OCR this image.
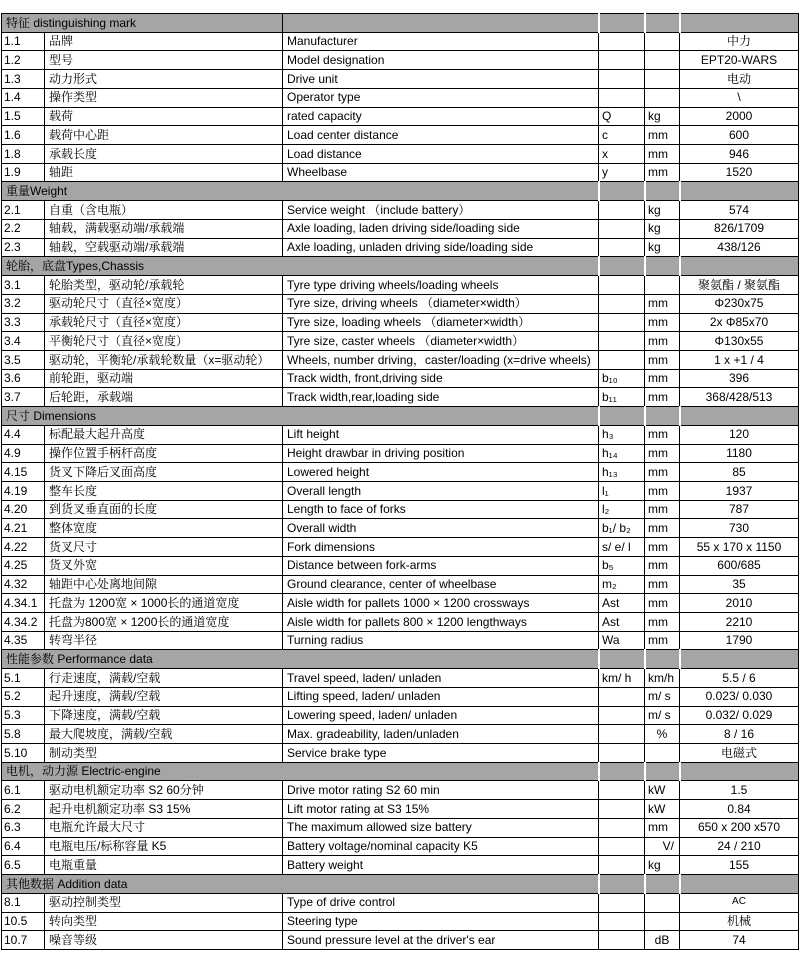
特征 distinguishing mark					
1.1	品牌	Manufacturer			中力
1.2	型号	Model designation			EPT20-WARS
1.3	动力形式	Drive unit			电动
1.4	操作类型	Operator type			\
1.5	载荷	rated capacity	Q	kg	2000
1.6	载荷中心距	Load center distance	c	mm	600
1.8	承载长度	Load distance	x	mm	946
1.9	轴距	Wheelbase	y	mm	1520
重量Weight					
2.1	自重（含电瓶）	Service weight （include battery）		kg	574
2.2	轴载，满载驱动端/承载端	Axle loading, laden driving side/loading side		kg	826/1709
2.3	轴载，空载驱动端/承载端	Axle loading, unladen driving side/loading side		kg	438/126
轮胎，底盘Types,Chassis					
3.1	轮胎类型，驱动轮/承载轮	Tyre type driving wheels/loading wheels			聚氨酯 / 聚氨酯
3.2	驱动轮尺寸（直径×宽度）	Tyre size, driving wheels （diameter×width）		mm	Φ230x75
3.3	承载轮尺寸（直径×宽度）	Tyre size, loading wheels （diameter×width）		mm	2x Φ85x70
3.4	平衡轮尺寸（直径×宽度）	Tyre size, caster wheels （diameter×width）		mm	Φ130x55
3.5	驱动轮，平衡轮/承载轮数量（x=驱动轮）	Wheels, number driving，caster/loading (x=drive wheels)		mm	1 x +1 / 4
3.6	前轮距，驱动端	Track width, front,driving side	b₁₀	mm	396
3.7	后轮距，承载端	Track width,rear,loading side	b₁₁	mm	368/428/513
尺寸 Dimensions					
4.4	标配最大起升高度	Lift height	h₃	mm	120
4.9	操作位置手柄杆高度	Height drawbar in driving position	h₁₄	mm	1180
4.15	货叉下降后叉面高度	Lowered height	h₁₃	mm	85
4.19	整车长度	Overall length	l₁	mm	1937
4.20	到货叉垂直面的长度	Length to face of forks	l₂	mm	787
4.21	整体宽度	Overall width	b₁/ b₂	mm	730
4.22	货叉尺寸	Fork dimensions	s/ e/ l	mm	55 x 170 x 1150
4.25	货叉外宽	Distance between fork-arms	b₅	mm	600/685
4.32	轴距中心处离地间隙	Ground clearance, center of wheelbase	m₂	mm	35
4.34.1	托盘为 1200宽 × 1000长的通道宽度	Aisle width for pallets 1000 × 1200 crossways	Ast	mm	2010
4.34.2	托盘为800宽 × 1200长的通道宽度	Aisle width for pallets 800 × 1200 lengthways	Ast	mm	2210
4.35	转弯半径	Turning radius	Wa	mm	1790
性能参数 Performance data					
5.1	行走速度，满载/空载	Travel speed, laden/ unladen	km/ h	km/h	5.5 / 6
5.2	起升速度，满载/空载	Lifting speed, laden/ unladen		m/ s	0.023/ 0.030
5.3	下降速度，满载/空载	Lowering speed, laden/ unladen		m/ s	0.032/ 0.029
5.8	最大爬坡度，满载/空载	Max. gradeability, laden/unladen		%	8 / 16
5.10	制动类型	Service brake type			电磁式
电机，动力源 Electric-engine					
6.1	驱动电机额定功率 S2 60分钟	Drive motor rating S2 60 min		kW	1.5
6.2	起升电机额定功率 S3 15%	Lift motor rating at S3 15%		kW	0.84
6.3	电瓶允许最大尺寸	The maximum allowed size battery		mm	650 x 200 x570
6.4	电瓶电压/标称容量 K5	Battery voltage/nominal capacity K5		V/	24 / 210
6.5	电瓶重量	Battery weight		kg	155
其他数据 Addition data					
8.1	驱动控制类型	Type of drive control			AC
10.5	转向类型	Steering type			机械
10.7	噪音等级	Sound pressure level at the driver's ear		dB	74
